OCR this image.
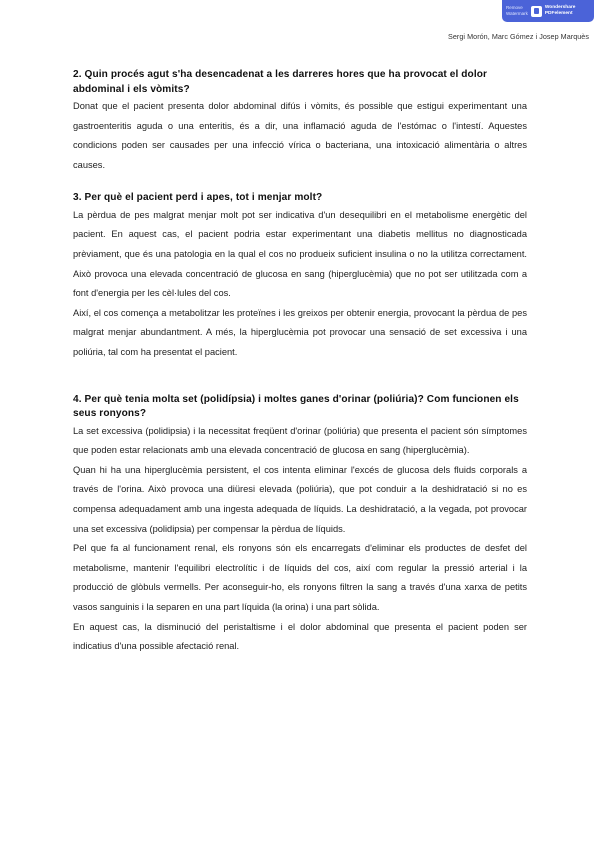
Remove
Watermark
Wondershare
PDFelement
Sergi Morón, Marc Gómez i Josep Marquès
2. Quin procés agut s'ha desencadenat a les darreres hores que ha provocat el dolor abdominal i els vòmits?

Donat que el pacient presenta dolor abdominal difús i vòmits, és possible que estigui experimentant una gastroenteritis aguda o una enteritis, és a dir, una inflamació aguda de l'estómac o l'intestí. Aquestes condicions poden ser causades per una infecció vírica o bacteriana, una intoxicació alimentària o altres causes.

3. Per què el pacient perd i apes, tot i menjar molt?

La pèrdua de pes malgrat menjar molt pot ser indicativa d'un desequilibri en el metabolisme energètic del pacient. En aquest cas, el pacient podria estar experimentant una diabetis mellitus no diagnosticada prèviament, que és una patologia en la qual el cos no produeix suficient insulina o no la utilitza correctament. Això provoca una elevada concentració de glucosa en sang (hiperglucèmia) que no pot ser utilitzada com a font d'energia per les cèl·lules del cos.

Així, el cos comença a metabolitzar les proteïnes i les greixos per obtenir energia, provocant la pèrdua de pes malgrat menjar abundantment. A més, la hiperglucèmia pot provocar una sensació de set excessiva i una poliúria, tal com ha presentat el pacient.

4. Per què tenia molta set (polidípsia) i moltes ganes d'orinar (poliúria)? Com funcionen els seus ronyons?

La set excessiva (polidipsia) i la necessitat freqüent d'orinar (poliúria) que presenta el pacient són símptomes que poden estar relacionats amb una elevada concentració de glucosa en sang (hiperglucèmia).

Quan hi ha una hiperglucèmia persistent, el cos intenta eliminar l'excés de glucosa dels fluids corporals a través de l'orina. Això provoca una diüresi elevada (poliúria), que pot conduir a la deshidratació si no es compensa adequadament amb una ingesta adequada de líquids. La deshidratació, a la vegada, pot provocar una set excessiva (polidipsia) per compensar la pèrdua de líquids.

Pel que fa al funcionament renal, els ronyons són els encarregats d'eliminar els productes de desfet del metabolisme, mantenir l'equilibri electrolític i de líquids del cos, així com regular la pressió arterial i la producció de glòbuls vermells. Per aconseguir-ho, els ronyons filtren la sang a través d'una xarxa de petits vasos sanguinis i la separen en una part líquida (la orina) i una part sòlida.

En aquest cas, la disminució del peristaltisme i el dolor abdominal que presenta el pacient poden ser indicatius d'una possible afectació renal.
